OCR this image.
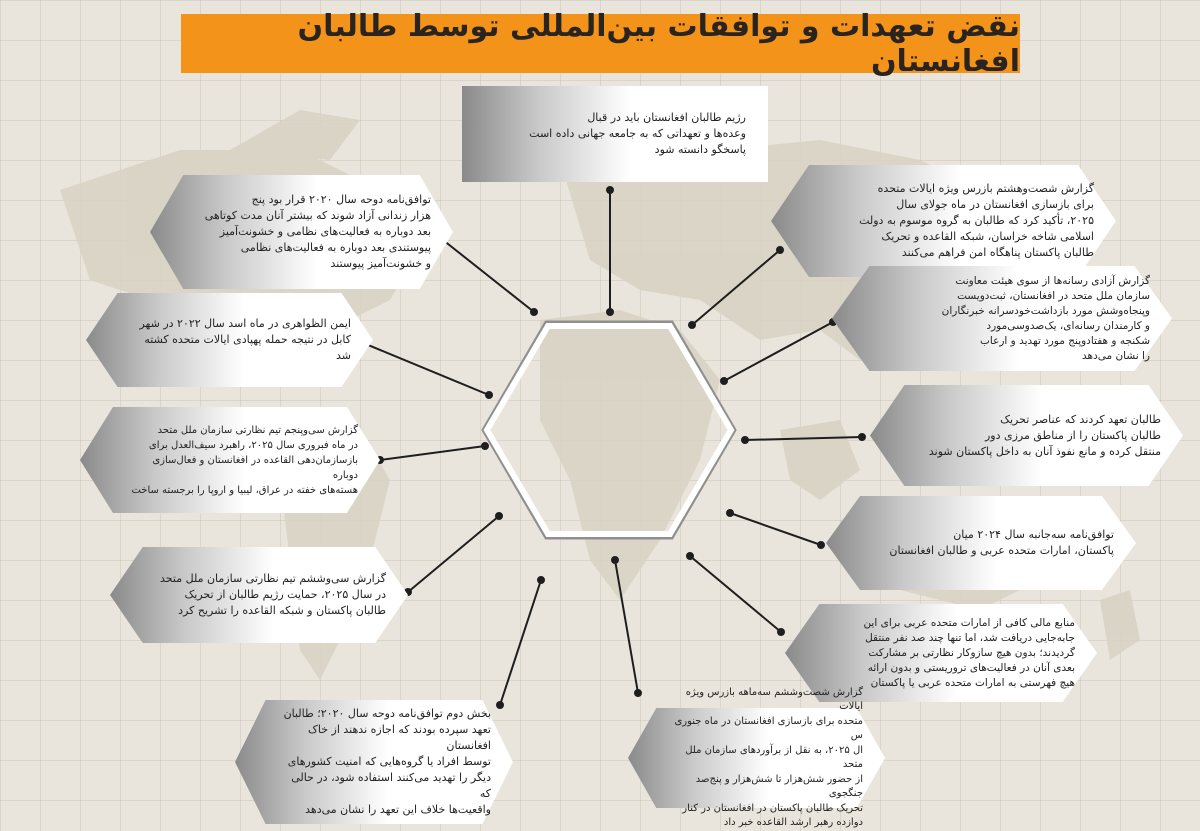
نقض تعهدات و توافقات بین‌المللی توسط طالبان افغانستان
رژیم طالبان افغانستان باید در قبال
وعده‌ها و تعهداتی که به جامعه جهانی داده است
پاسخگو دانسته شود
توافق‌نامه دوحه سال ۲۰۲۰ قرار بود پنج
هزار زندانی آزاد شوند که بیشتر آنان مدت کوتاهی
بعد دوباره به فعالیت‌های نظامی و خشونت‌آمیز
پیوستندی بعد دوباره به فعالیت‌های نظامی
و خشونت‌آمیز پیوستند
ایمن الظواهری در ماه اسد سال ۲۰۲۲ در شهر
کابل در نتیجه حمله پهپادی ایالات متحده کشته شد
گزارش سی‌وپنجم تیم نظارتی سازمان ملل متحد
در ماه فبروری سال ۲۰۲۵، راهبرد سیف‌العدل برای
بازسازمان‌دهی القاعده در افغانستان و فعال‌سازی دوباره
هسته‌های خفته در عراق، لیبیا و اروپا را برجسته ساخت
گزارش سی‌وششم تیم نظارتی سازمان ملل متحد
در سال ۲۰۲۵، حمایت رژیم طالبان از تحریک
طالبان پاکستان و شبکه القاعده را تشریح کرد
بخش دوم توافق‌نامه دوحه سال ۲۰۲۰؛ طالبان
تعهد سپرده بودند که اجازه ندهند از خاک افغانستان
توسط افراد یا گروه‌هایی که امنیت کشورهای
دیگر را تهدید می‌کنند استفاده شود، در حالی که
واقعیت‌ها خلاف این تعهد را نشان می‌دهد
گزارش شصت‌وهشتم بازرس ویژه ایالات متحده
برای بازسازی افغانستان در ماه جولای سال
۲۰۲۵، تأکید کرد که طالبان به گروه موسوم به دولت
اسلامی شاخه خراسان، شبکه القاعده و تحریک
طالبان پاکستان پناهگاه امن فراهم می‌کنند
گزارش آزادی رسانه‌ها از سوی هیئت معاونت
سازمان ملل متحد در افغانستان، ثبت‌دویست
وپنجاه‌وشش مورد بازداشت‌خودسرانه خبرنگاران
و کارمندان رسانه‌ای، یک‌صدوسی‌مورد
شکنجه و هفتادوپنج مورد تهدید و ارعاب
را نشان می‌دهد
طالبان تعهد کردند که عناصر تحریک
طالبان پاکستان را از مناطق مرزی دور
منتقل کرده و مانع نفوذ آنان به داخل پاکستان شوند
توافق‌نامه سه‌جانبه سال ۲۰۲۴ میان
پاکستان، امارات متحده عربی و طالبان افغانستان
منابع مالی کافی از امارات متحده عربی برای این
جابه‌جایی دریافت شد، اما تنها چند صد نفر منتقل
گردیدند؛ بدون هیچ سازوکار نظارتی بر مشارکت
بعدی آنان در فعالیت‌های تروریستی و بدون ارائه
هیچ فهرستی به امارات متحده عربی یا پاکستان
گزارش شصت‌وششم سه‌ماهه بازرس ویژه ایالات
متحده برای بازسازی افغانستان در ماه جنوری س
ال ۲۰۲۵، به نقل از برآوردهای سازمان ملل متحد
از حضور شش‌هزار تا شش‌هزار و پنج‌صد جنگجوی
تحریک طالبان پاکستان در افغانستان در کنار
دوازده رهبر ارشد القاعده خبر داد
